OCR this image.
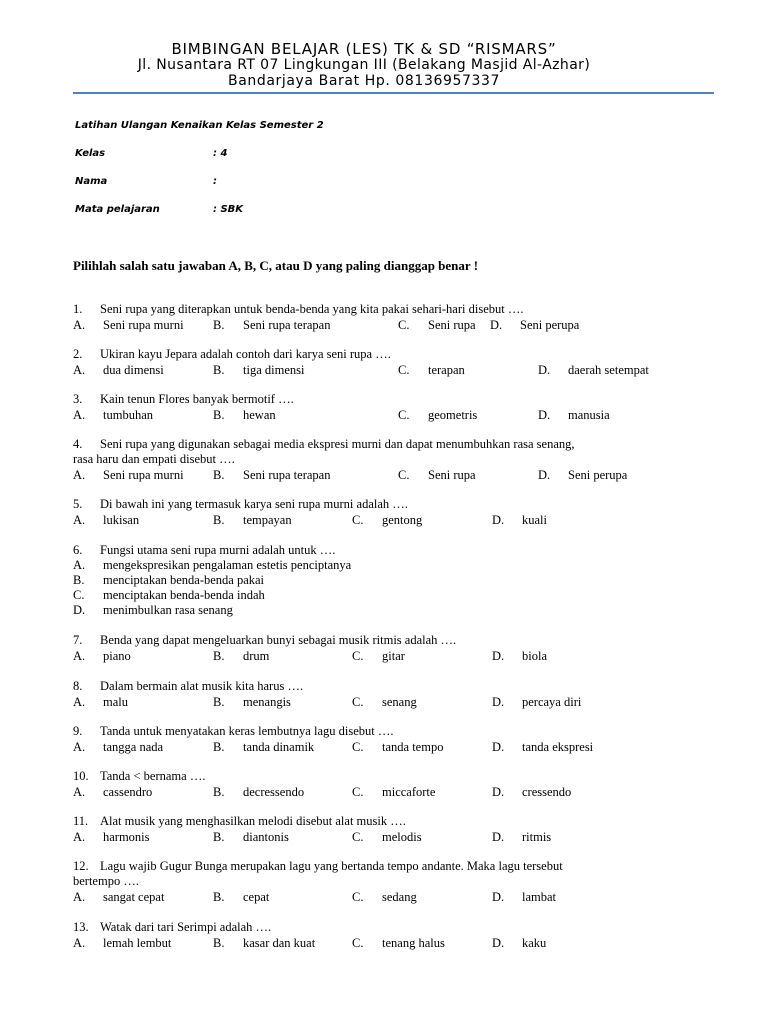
BIMBINGAN BELAJAR (LES) TK & SD “RISMARS”
Jl. Nusantara RT 07 Lingkungan III (Belakang Masjid Al-Azhar)
Bandarjaya Barat Hp. 08136957337
Latihan Ulangan Kenaikan Kelas Semester 2
Kelas	: 4
Nama	:
Mata pelajaran	: SBK
Pilihlah salah satu jawaban A, B, C, atau D yang paling dianggap benar !
1. Seni rupa yang diterapkan untuk benda-benda yang kita pakai sehari-hari disebut ….
A. Seni rupa murni B. Seni rupa terapan	C. Seni rupa D. Seni perupa
2. Ukiran kayu Jepara adalah contoh dari karya seni rupa ….
A. dua dimensi	B. tiga dimensi	C. terapan	D. daerah setempat
3. Kain tenun Flores banyak bermotif ….
A. tumbuhan	B. hewan	C. geometris	D. manusia
4. Seni rupa yang digunakan sebagai media ekspresi murni dan dapat menumbuhkan rasa senang,
rasa haru dan empati disebut ….
A. Seni rupa murni B. Seni rupa terapan	C. Seni rupa	D. Seni perupa
5. Di bawah ini yang termasuk karya seni rupa murni adalah ….
A. lukisan	B. tempayan	C. gentong	D. kuali
6. Fungsi utama seni rupa murni adalah untuk ….
A. mengekspresikan pengalaman estetis penciptanya
B. menciptakan benda-benda pakai
C. menciptakan benda-benda indah
D. menimbulkan rasa senang
7. Benda yang dapat mengeluarkan bunyi sebagai musik ritmis adalah ….
A. piano	B. drum	C. gitar	D. biola
8. Dalam bermain alat musik kita harus ….
A. malu	B. menangis	C. senang	D. percaya diri
9. Tanda untuk menyatakan keras lembutnya lagu disebut ….
A. tangga nada	B. tanda dinamik	C. tanda tempo	D. tanda ekspresi
10. Tanda < bernama ….
A. cassendro	B. decressendo	C. miccaforte	D. cressendo
11. Alat musik yang menghasilkan melodi disebut alat musik ….
A. harmonis	B. diantonis	C. melodis	D. ritmis
12. Lagu wajib Gugur Bunga merupakan lagu yang bertanda tempo andante. Maka lagu tersebut
bertempo ….
A. sangat cepat	B. cepat	C. sedang	D. lambat
13. Watak dari tari Serimpi adalah ….
A. lemah lembut	B. kasar dan kuat	C. tenang halus	D. kaku
